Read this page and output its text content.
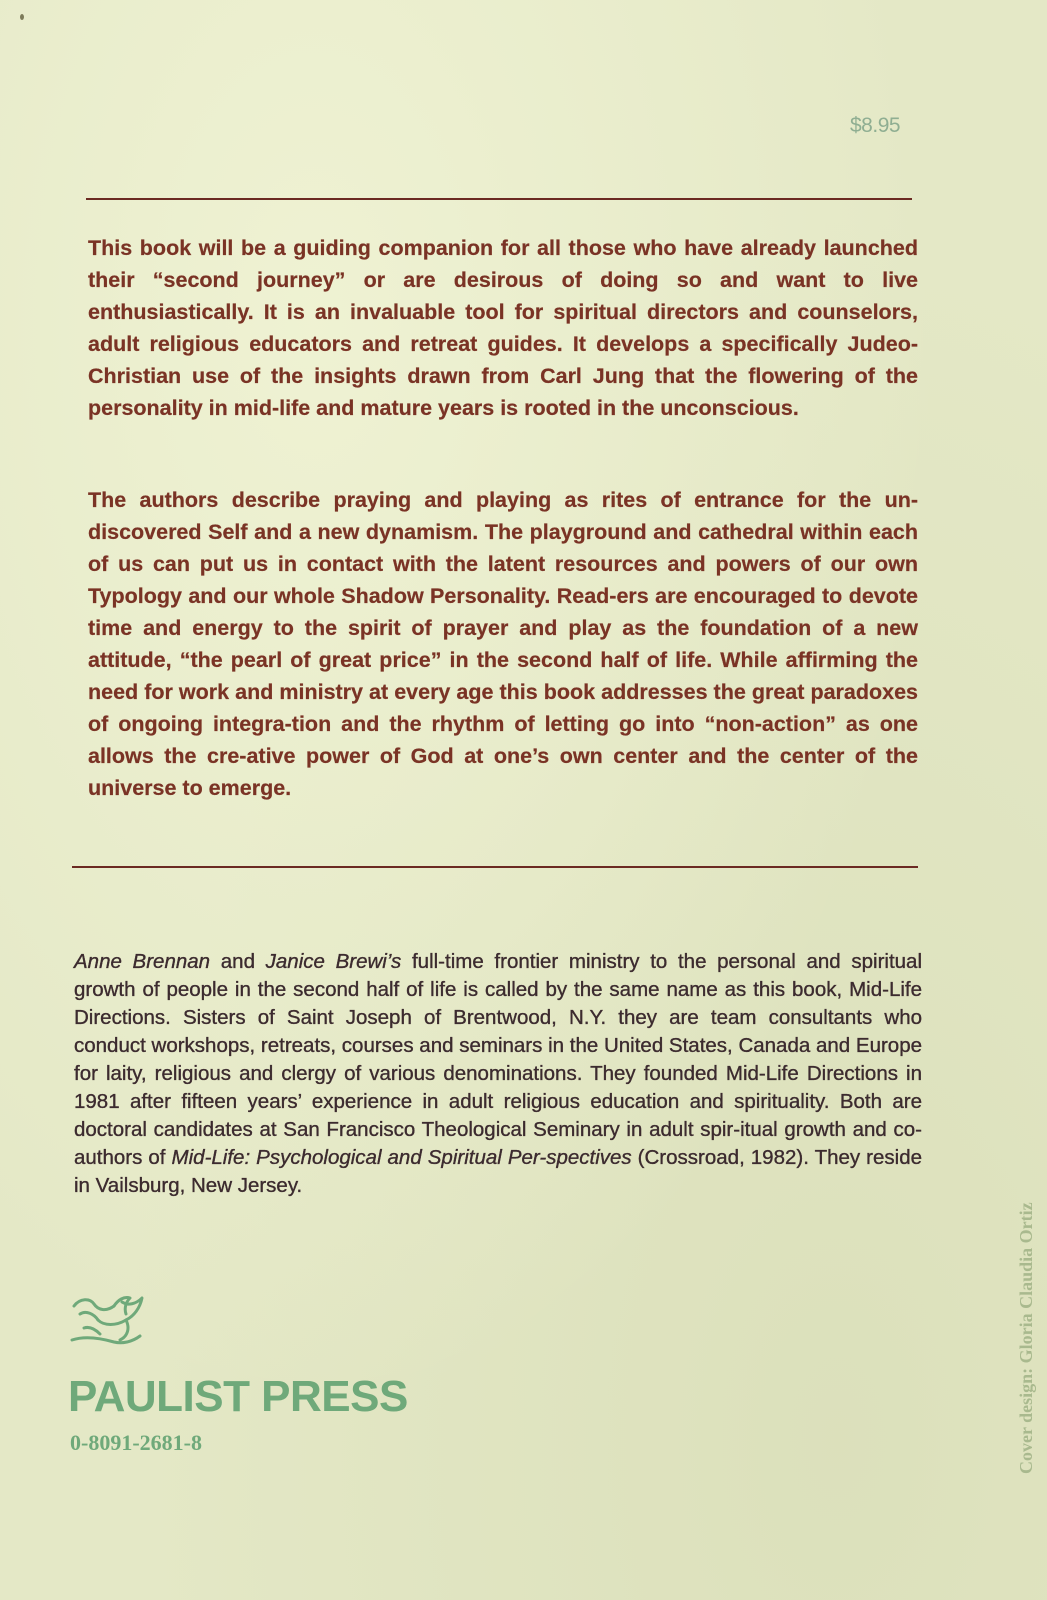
$8.95

This book will be a guiding companion for all those who have already launched their “second journey” or are desirous of doing so and want to live enthusiastically. It is an invaluable tool for spiritual directors and counselors, adult religious educators and retreat guides. It develops a specifically Judeo-Christian use of the insights drawn from Carl Jung that the flowering of the personality in mid-life and mature years is rooted in the unconscious.

The authors describe praying and playing as rites of entrance for the un-discovered Self and a new dynamism. The playground and cathedral within each of us can put us in contact with the latent resources and powers of our own Typology and our whole Shadow Personality. Read-ers are encouraged to devote time and energy to the spirit of prayer and play as the foundation of a new attitude, “the pearl of great price” in the second half of life. While affirming the need for work and ministry at every age this book addresses the great paradoxes of ongoing integra-tion and the rhythm of letting go into “non-action” as one allows the cre-ative power of God at one’s own center and the center of the universe to emerge.

Anne Brennan and Janice Brewi’s full-time frontier ministry to the personal and spiritual growth of people in the second half of life is called by the same name as this book, Mid-Life Directions. Sisters of Saint Joseph of Brentwood, N.Y. they are team consultants who conduct workshops, retreats, courses and seminars in the United States, Canada and Europe for laity, religious and clergy of various denominations. They founded Mid-Life Directions in 1981 after fifteen years’ experience in adult religious education and spirituality. Both are doctoral candidates at San Francisco Theological Seminary in adult spir-itual growth and co-authors of Mid-Life: Psychological and Spiritual Per-spectives (Crossroad, 1982). They reside in Vailsburg, New Jersey.

PAULIST PRESS
0-8091-2681-8	Cover design: Gloria Claudia Ortiz
